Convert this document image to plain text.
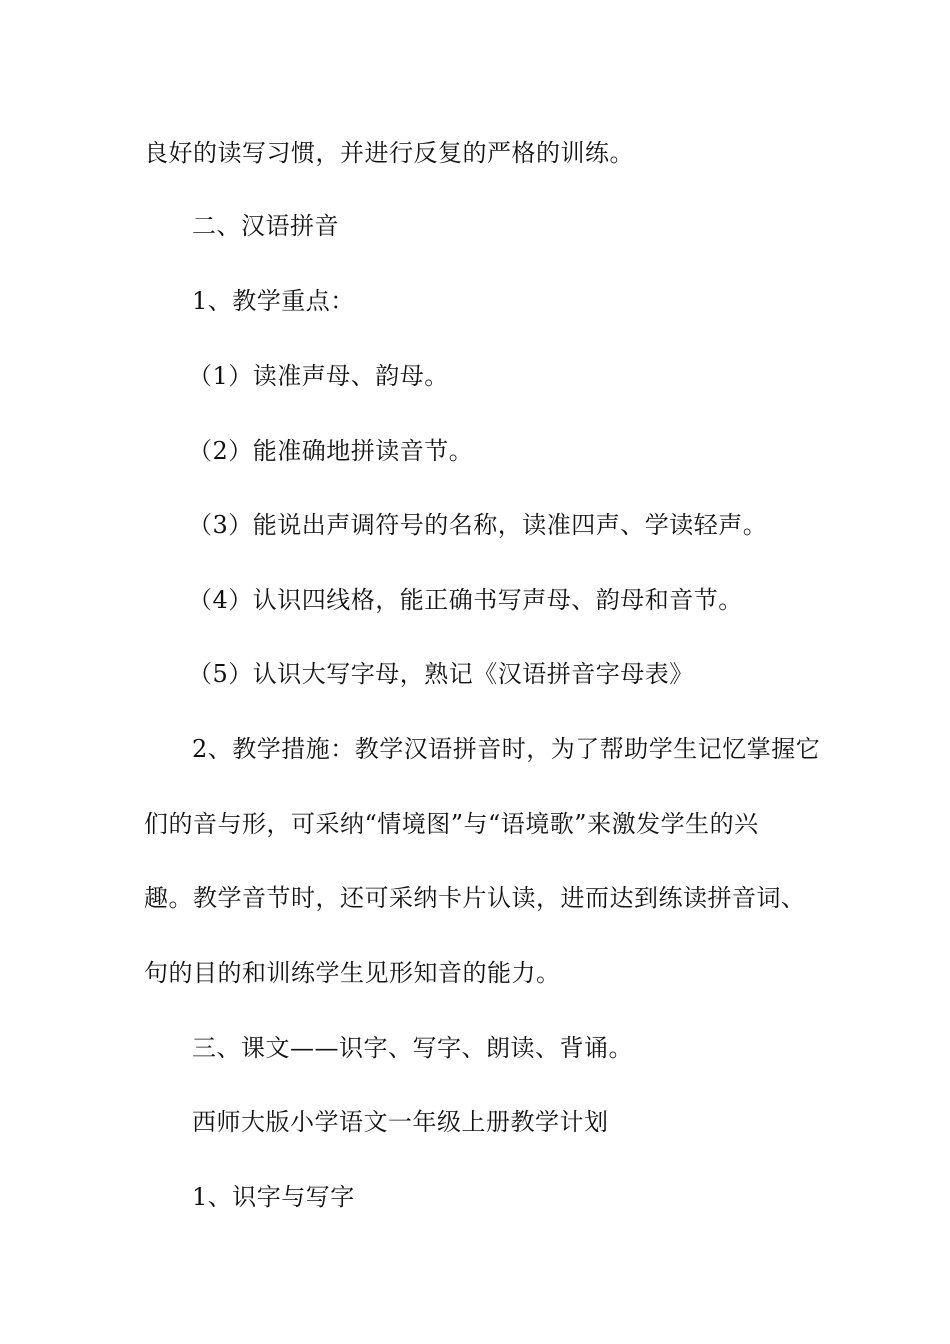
良好的读写习惯，并进行反复的严格的训练。

二、汉语拼音

1、教学重点：

（1）读准声母、韵母。

（2）能准确地拼读音节。

（3）能说出声调符号的名称，读准四声、学读轻声。

（4）认识四线格，能正确书写声母、韵母和音节。

（5）认识大写字母，熟记《汉语拼音字母表》

2、教学措施：教学汉语拼音时，为了帮助学生记忆掌握它

们的音与形，可采纳“情境图”与“语境歌”来激发学生的兴

趣。教学音节时，还可采纳卡片认读，进而达到练读拼音词、

句的目的和训练学生见形知音的能力。

三、课文——识字、写字、朗读、背诵。

西师大版小学语文一年级上册教学计划

1、识字与写字
